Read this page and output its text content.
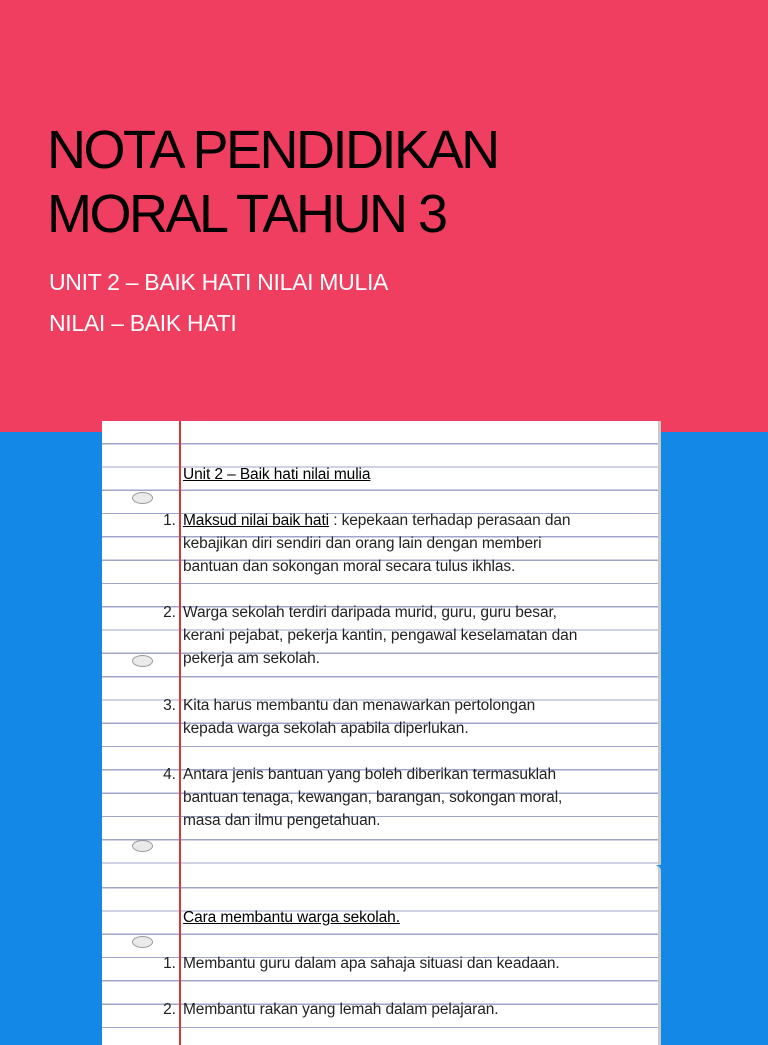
NOTA PENDIDIKAN
MORAL TAHUN 3
UNIT 2 – BAIK HATI NILAI MULIA
NILAI – BAIK HATI
Unit 2 – Baik hati nilai mulia
1. Maksud nilai baik hati : kepekaan terhadap perasaan dan
kebajikan diri sendiri dan orang lain dengan memberi
bantuan dan sokongan moral secara tulus ikhlas.
2. Warga sekolah terdiri daripada murid, guru, guru besar,
kerani pejabat, pekerja kantin, pengawal keselamatan dan
pekerja am sekolah.
3. Kita harus membantu dan menawarkan pertolongan
kepada warga sekolah apabila diperlukan.
4. Antara jenis bantuan yang boleh diberikan termasuklah
bantuan tenaga, kewangan, barangan, sokongan moral,
masa dan ilmu pengetahuan.
Cara membantu warga sekolah.
1. Membantu guru dalam apa sahaja situasi dan keadaan.
2. Membantu rakan yang lemah dalam pelajaran.
